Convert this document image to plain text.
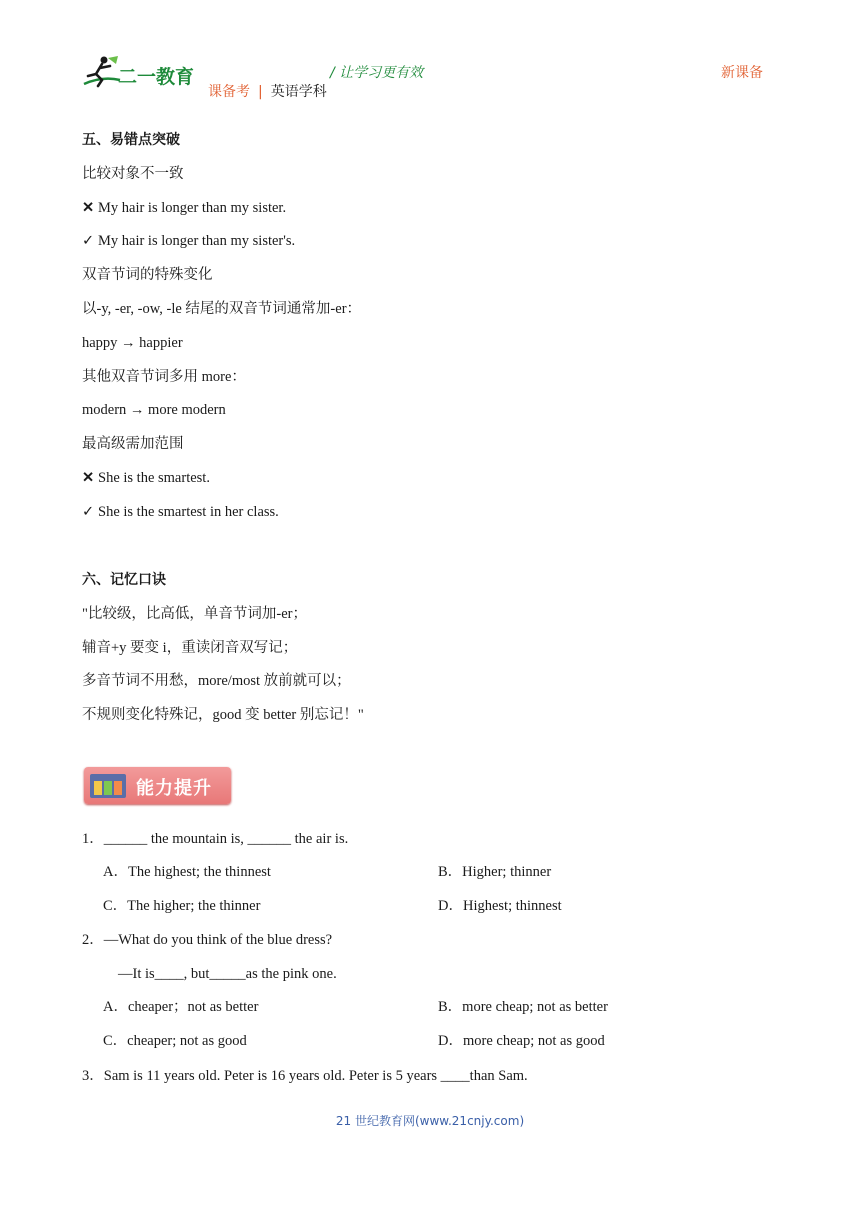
二一教育	/ 让学习更有效	新课备
课备考 | 英语学科
五、易错点突破
比较对象不一致
✕ My hair is longer than my sister.
✓ My hair is longer than my sister's.
双音节词的特殊变化
以-y, -er, -ow, -le 结尾的双音节词通常加-er：
happy → happier
其他双音节词多用 more：
modern → more modern
最高级需加范围
✕ She is the smartest.
✓ She is the smartest in her class.
六、记忆口诀
"比较级，比高低，单音节词加-er；
辅音+y 要变 i，重读闭音双写记；
多音节词不用愁，more/most 放前就可以；
不规则变化特殊记，good 变 better 别忘记！"
能力提升
1．______ the mountain is, ______ the air is.
A．The highest; the thinnest	B．Higher; thinner
C．The higher; the thinner	D．Highest; thinnest
2．—What do you think of the blue dress?
—It is____, but_____as the pink one.
A．cheaper；not as better	B．more cheap; not as better
C．cheaper; not as good	D．more cheap; not as good
3．Sam is 11 years old. Peter is 16 years old. Peter is 5 years ____than Sam.
21 世纪教育网(www.21cnjy.com)
